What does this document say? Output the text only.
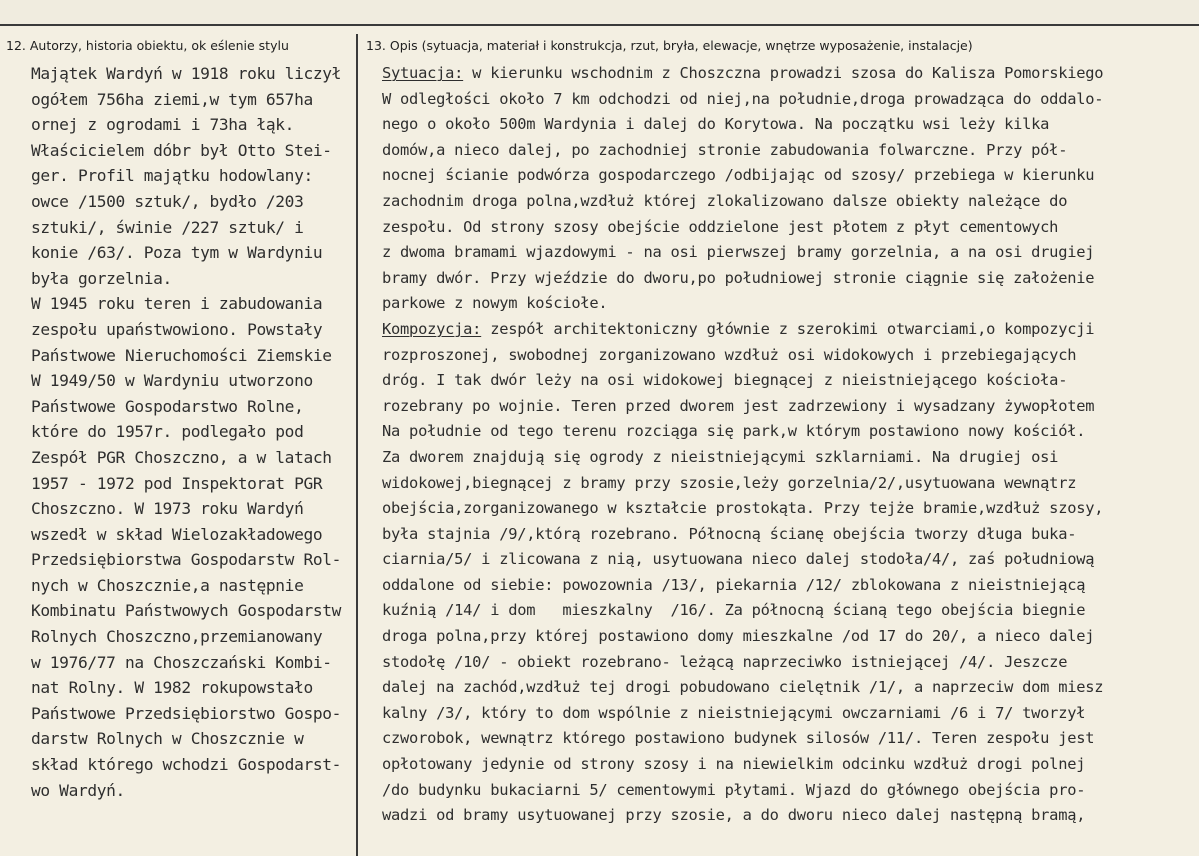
12. Autorzy, historia obiektu, ok eślenie stylu	13. Opis (sytuacja, materiał i konstrukcja, rzut, bryła, elewacje, wnętrze wyposażenie, instalacje)
Majątek Wardyń w 1918 roku liczył
ogółem 756ha ziemi,w tym 657ha
ornej z ogrodami i 73ha łąk.
Właścicielem dóbr był Otto Stei-
ger. Profil majątku hodowlany:
owce /1500 sztuk/, bydło /203
sztuki/, świnie /227 sztuk/ i
konie /63/. Poza tym w Wardyniu
była gorzelnia.
W 1945 roku teren i zabudowania
zespołu upaństwowiono. Powstały
Państwowe Nieruchomości Ziemskie
W 1949/50 w Wardyniu utworzono
Państwowe Gospodarstwo Rolne,
które do 1957r. podlegało pod
Zespół PGR Choszczno, a w latach
1957 - 1972 pod Inspektorat PGR
Choszczno. W 1973 roku Wardyń
wszedł w skład Wielozakładowego
Przedsiębiorstwa Gospodarstw Rol-
nych w Choszcznie,a następnie
Kombinatu Państwowych Gospodarstw
Rolnych Choszczno,przemianowany
w 1976/77 na Choszczański Kombi-
nat Rolny. W 1982 rokupowstało
Państwowe Przedsiębiorstwo Gospo-
darstw Rolnych w Choszcznie w
skład którego wchodzi Gospodarst-
wo Wardyń.
Sytuacja: w kierunku wschodnim z Choszczna prowadzi szosa do Kalisza Pomorskiego
W odległości około 7 km odchodzi od niej,na południe,droga prowadząca do oddalo-
nego o około 500m Wardynia i dalej do Korytowa. Na początku wsi leży kilka
domów,a nieco dalej, po zachodniej stronie zabudowania folwarczne. Przy pół-
nocnej ścianie podwórza gospodarczego /odbijając od szosy/ przebiega w kierunku
zachodnim droga polna,wzdłuż której zlokalizowano dalsze obiekty należące do
zespołu. Od strony szosy obejście oddzielone jest płotem z płyt cementowych
z dwoma bramami wjazdowymi - na osi pierwszej bramy gorzelnia, a na osi drugiej
bramy dwór. Przy wjeździe do dworu,po południowej stronie ciągnie się założenie
parkowe z nowym kościołe.
Kompozycja: zespół architektoniczny głównie z szerokimi otwarciami,o kompozycji
rozproszonej, swobodnej zorganizowano wzdłuż osi widokowych i przebiegających
dróg. I tak dwór leży na osi widokowej biegnącej z nieistniejącego kościoła-
rozebrany po wojnie. Teren przed dworem jest zadrzewiony i wysadzany żywopłotem
Na południe od tego terenu rozciąga się park,w którym postawiono nowy kościół.
Za dworem znajdują się ogrody z nieistniejącymi szklarniami. Na drugiej osi
widokowej,biegnącej z bramy przy szosie,leży gorzelnia/2/,usytuowana wewnątrz
obejścia,zorganizowanego w kształcie prostokąta. Przy tejże bramie,wzdłuż szosy,
była stajnia /9/,którą rozebrano. Północną ścianę obejścia tworzy długa buka-
ciarnia/5/ i zlicowana z nią, usytuowana nieco dalej stodoła/4/, zaś południową
oddalone od siebie: powozownia /13/, piekarnia /12/ zblokowana z nieistniejącą
kuźnią /14/ i dom   mieszkalny  /16/. Za północną ścianą tego obejścia biegnie
droga polna,przy której postawiono domy mieszkalne /od 17 do 20/, a nieco dalej
stodołę /10/ - obiekt rozebrano- leżącą naprzeciwko istniejącej /4/. Jeszcze
dalej na zachód,wzdłuż tej drogi pobudowano cielętnik /1/, a naprzeciw dom miesz
kalny /3/, który to dom wspólnie z nieistniejącymi owczarniami /6 i 7/ tworzył
czworobok, wewnątrz którego postawiono budynek silosów /11/. Teren zespołu jest
opłotowany jedynie od strony szosy i na niewielkim odcinku wzdłuż drogi polnej
/do budynku bukaciarni 5/ cementowymi płytami. Wjazd do głównego obejścia pro-
wadzi od bramy usytuowanej przy szosie, a do dworu nieco dalej następną bramą,
